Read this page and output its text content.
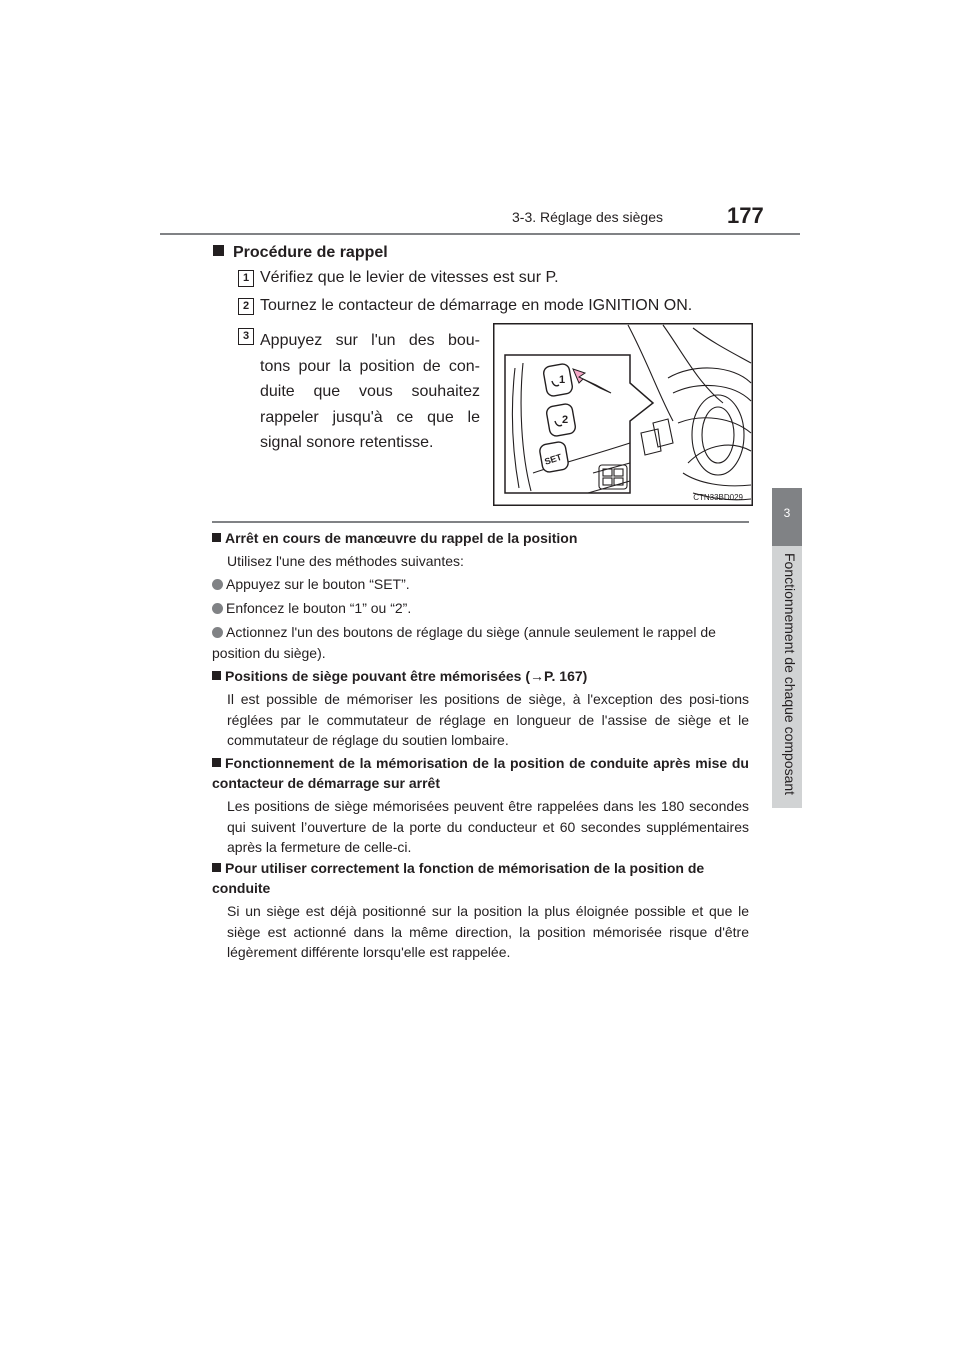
3-3. Réglage des sièges	177
3
Fonctionnement de chaque composant
Procédure de rappel
1 Vérifiez que le levier de vitesses est sur P.
2 Tournez le contacteur de démarrage en mode IGNITION ON.
3 Appuyez sur l'un des bou-
tons pour la position de con-
duite que vous souhaitez
rappeler jusqu'à ce que le
signal sonore retentisse.
1
2
SET
CTN33BD029
Arrêt en cours de manœuvre du rappel de la position
Utilisez l'une des méthodes suivantes:
Appuyez sur le bouton “SET”.
Enfoncez le bouton “1” ou “2”.
Actionnez l'un des boutons de réglage du siège (annule seulement le rappel de position du siège).
Positions de siège pouvant être mémorisées (→P. 167)
Il est possible de mémoriser les positions de siège, à l'exception des posi-tions réglées par le commutateur de réglage en longueur de l'assise de siège et le commutateur de réglage du soutien lombaire.
Fonctionnement de la mémorisation de la position de conduite après mise du contacteur de démarrage sur arrêt
Les positions de siège mémorisées peuvent être rappelées dans les 180 secondes qui suivent l’ouverture de la porte du conducteur et 60 secondes supplémentaires après la fermeture de celle-ci.
Pour utiliser correctement la fonction de mémorisation de la position de conduite
Si un siège est déjà positionné sur la position la plus éloignée possible et que le siège est actionné dans la même direction, la position mémorisée risque d'être légèrement différente lorsqu'elle est rappelée.
